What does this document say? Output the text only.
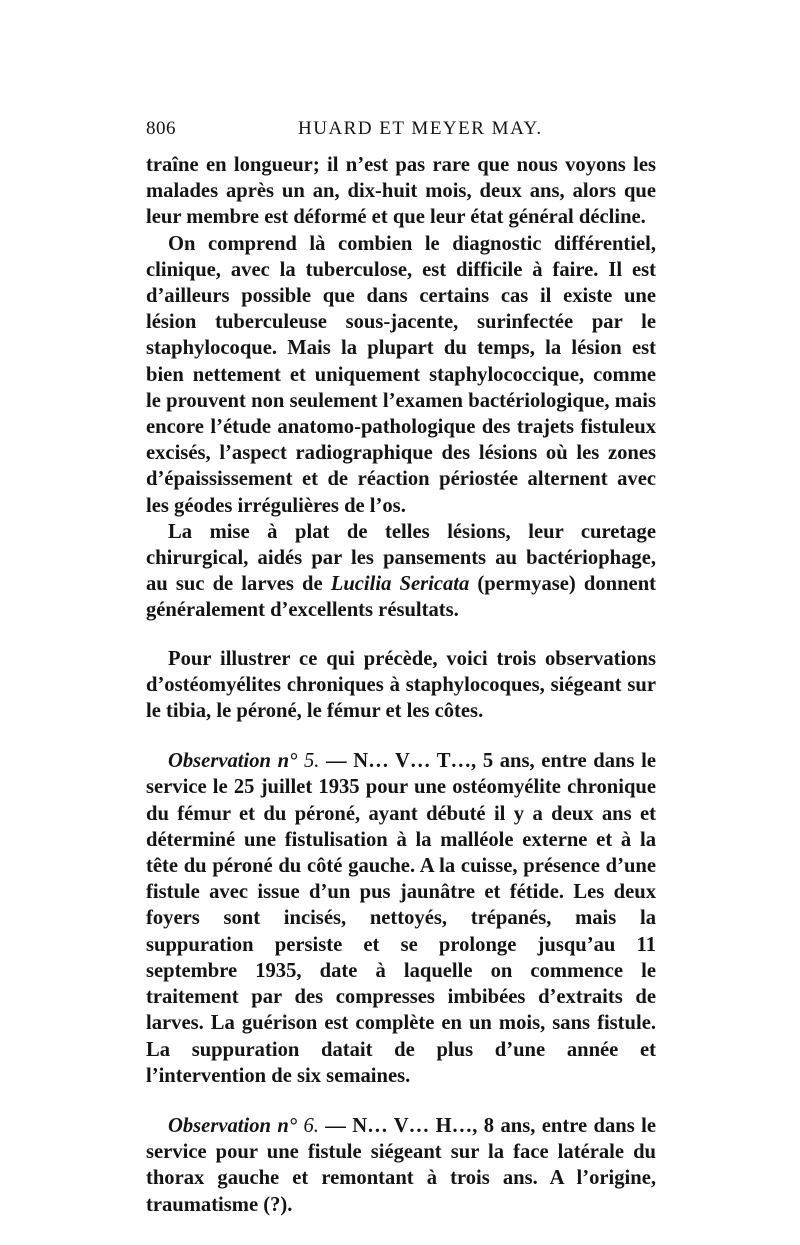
806	HUARD ET MEYER MAY.

traîne en longueur; il n’est pas rare que nous voyons les malades après un an, dix-huit mois, deux ans, alors que leur membre est déformé et que leur état général décline.

On comprend là combien le diagnostic différentiel, clinique, avec la tuberculose, est difficile à faire. Il est d’ailleurs possible que dans certains cas il existe une lésion tuberculeuse sous-jacente, surinfectée par le staphylocoque. Mais la plupart du temps, la lésion est bien nettement et uniquement staphylococcique, comme le prouvent non seulement l’examen bactériologique, mais encore l’étude anatomo-pathologique des trajets fistuleux excisés, l’aspect radiographique des lésions où les zones d’épaississement et de réaction périostée alternent avec les géodes irrégulières de l’os.

La mise à plat de telles lésions, leur curetage chirurgical, aidés par les pansements au bactériophage, au suc de larves de Lucilia Sericata (permyase) donnent généralement d’excellents résultats.

Pour illustrer ce qui précède, voici trois observations d’ostéomyélites chroniques à staphylocoques, siégeant sur le tibia, le péroné, le fémur et les côtes.

Observation n° 5. — N… V… T…, 5 ans, entre dans le service le 25 juillet 1935 pour une ostéomyélite chronique du fémur et du péroné, ayant débuté il y a deux ans et déterminé une fistulisation à la malléole externe et à la tête du péroné du côté gauche. A la cuisse, présence d’une fistule avec issue d’un pus jaunâtre et fétide. Les deux foyers sont incisés, nettoyés, trépanés, mais la suppuration persiste et se prolonge jusqu’au 11 septembre 1935, date à laquelle on commence le traitement par des compresses imbibées d’extraits de larves. La guérison est complète en un mois, sans fistule. La suppuration datait de plus d’une année et l’intervention de six semaines.

Observation n° 6. — N… V… H…, 8 ans, entre dans le service pour une fistule siégeant sur la face latérale du thorax gauche et remontant à trois ans. A l’origine, traumatisme (?).
